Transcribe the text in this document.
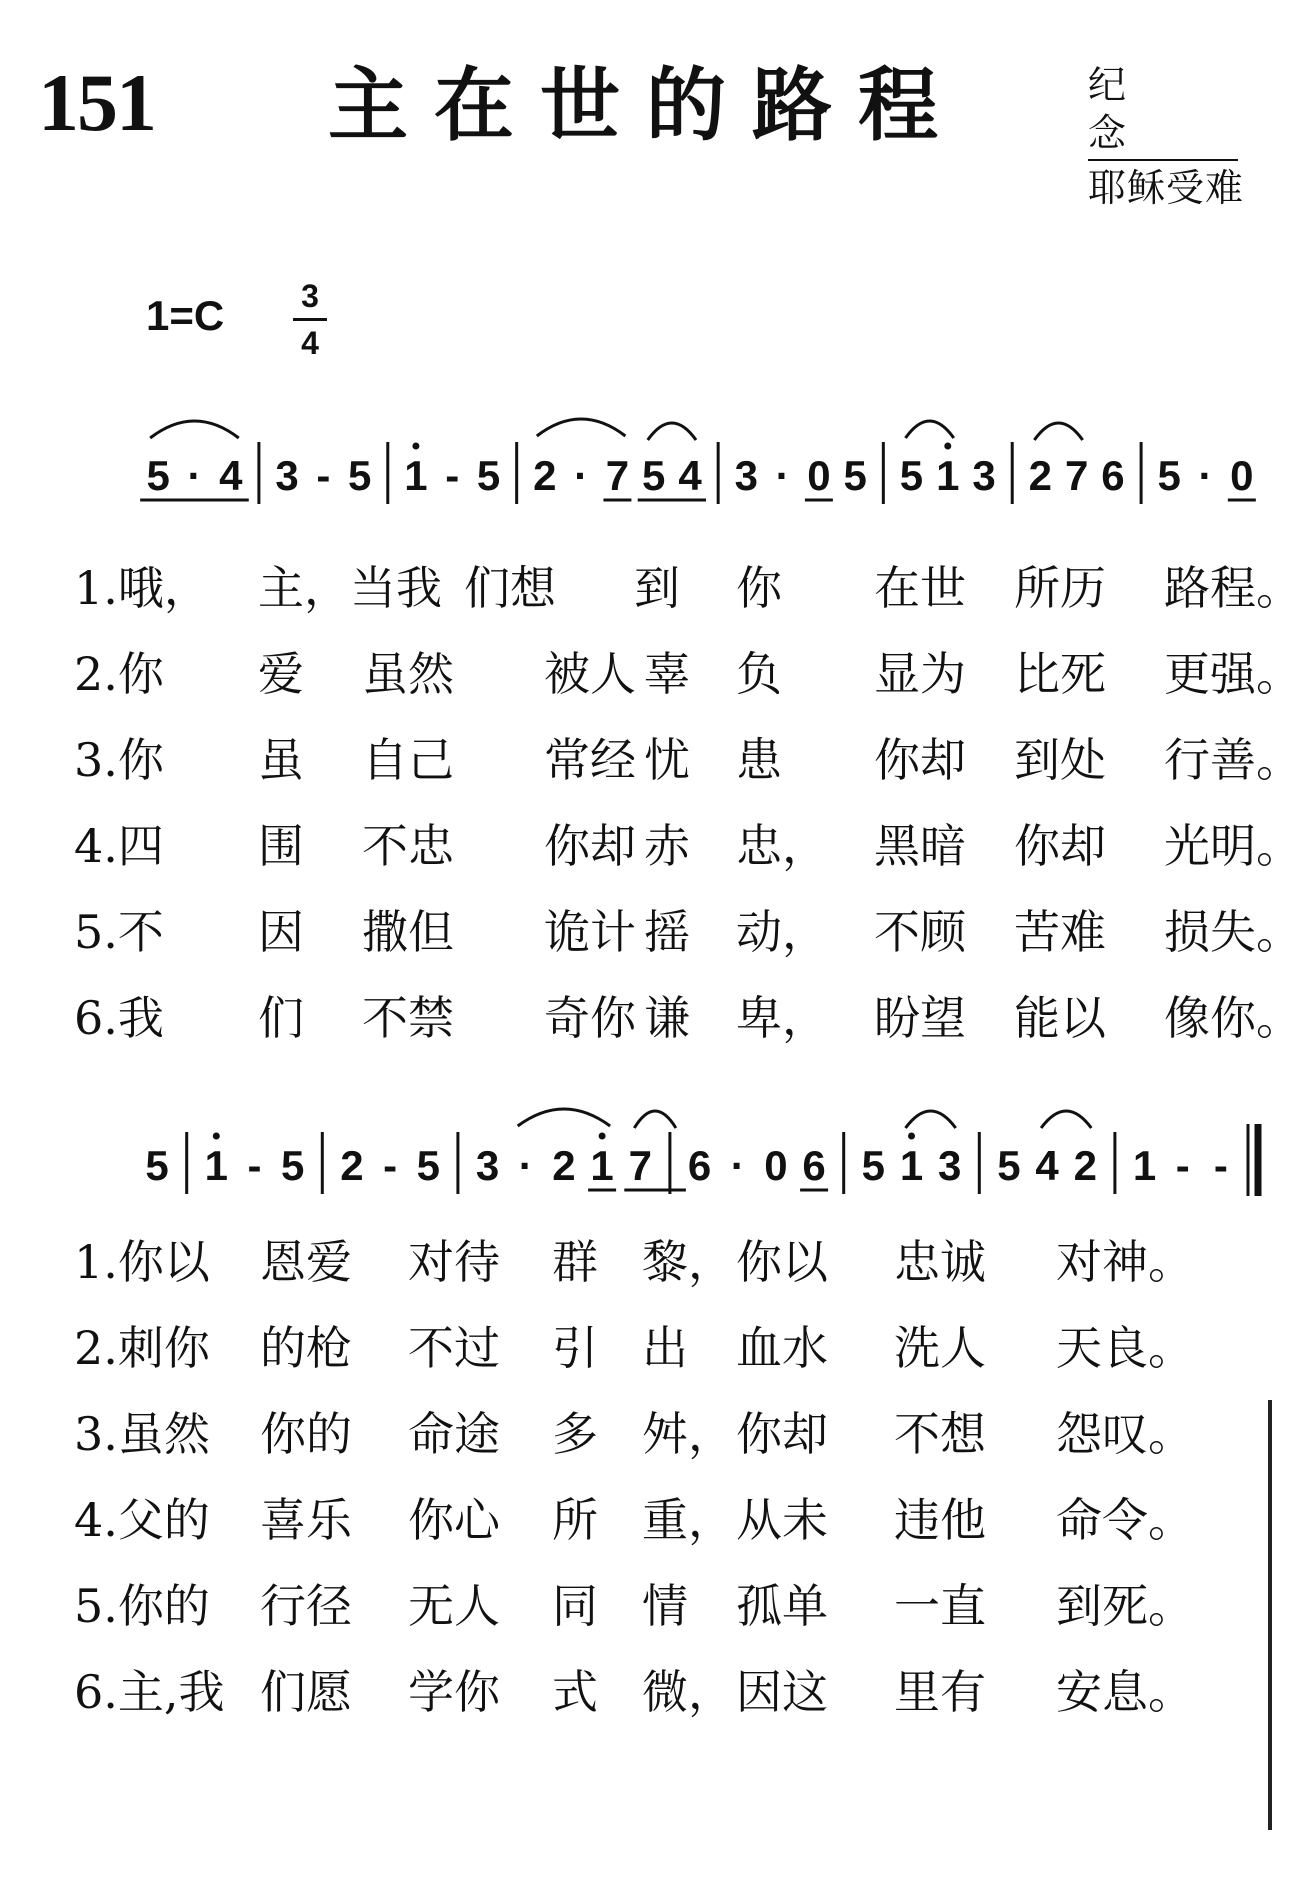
151 主在世的路程	纪念
耶稣受难
$1=C \frac{3}{4}$
5 · 4 3 - 5 1 - 5 2 · 7 5 4 3 · 0 5 5 1 3 2 7 6 5 · 0
5 1 - 5 2 - 5 3 · 2 1 7 6 · 0 6 5 1 3 5 4 2 1 - -
1.哦， 主，当我 们想 到 你 在世 所历 路程。
2.你 爱 虽然 被人 辜 负 显为 比死 更强。
3.你 虽 自己 常经 忧 患 你却 到处 行善。
4.四 围 不忠 你却 赤 忠， 黑暗 你却 光明。
5.不 因 撒但 诡计 摇 动， 不顾 苦难 损失。
6.我 们 不禁 奇你 谦 卑， 盼望 能以 像你。
1.你以 恩爱 对待 群 黎， 你以 忠诚 对神。
2.刺你 的枪 不过 引 出 血水 洗人 天良。
3.虽然 你的 命途 多 舛， 你却 不想 怨叹。
4.父的 喜乐 你心 所 重， 从未 违他 命令。
5.你的 行径 无人 同 情 孤单 一直 到死。
6.主,我 们愿 学你 式 微， 因这 里有 安息。
